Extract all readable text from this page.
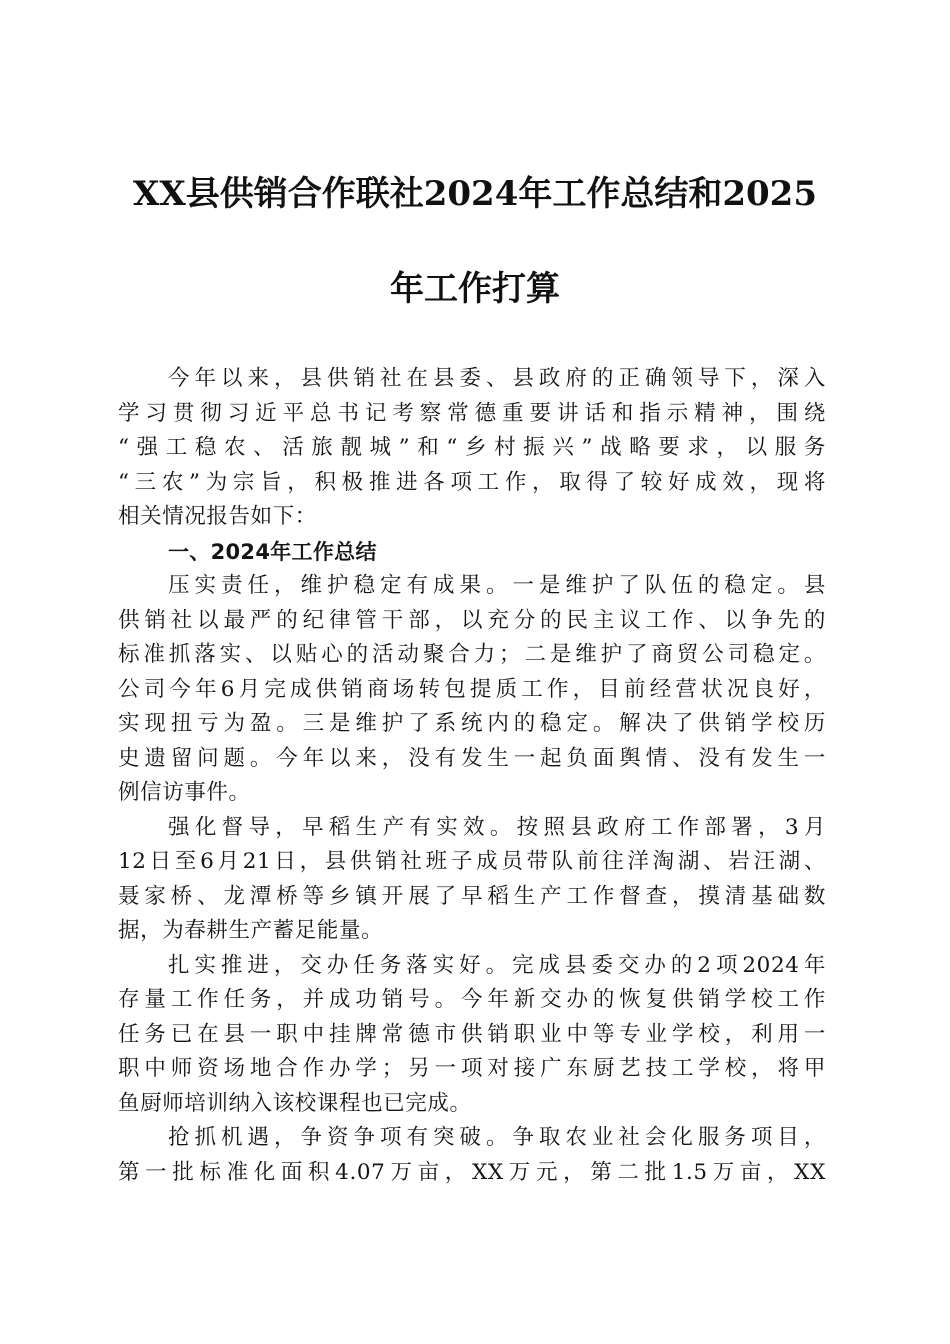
XX县供销合作联社2024年工作总结和2025
年工作打算
今年以来，县供销社在县委、县政府的正确领导下，深入
学习贯彻习近平总书记考察常德重要讲话和指示精神，围绕
“强工稳农、活旅靓城”和“乡村振兴”战略要求，以服务
“三农”为宗旨，积极推进各项工作，取得了较好成效，现将
相关情况报告如下：
一、2024年工作总结
压实责任，维护稳定有成果。一是维护了队伍的稳定。县
供销社以最严的纪律管干部，以充分的民主议工作、以争先的
标准抓落实、以贴心的活动聚合力；二是维护了商贸公司稳定。
公司今年6月完成供销商场转包提质工作，目前经营状况良好，
实现扭亏为盈。三是维护了系统内的稳定。解决了供销学校历
史遗留问题。今年以来，没有发生一起负面舆情、没有发生一
例信访事件。
强化督导，早稻生产有实效。按照县政府工作部署，3月
12日至6月21日，县供销社班子成员带队前往洋淘湖、岩汪湖、
聂家桥、龙潭桥等乡镇开展了早稻生产工作督查，摸清基础数
据，为春耕生产蓄足能量。
扎实推进，交办任务落实好。完成县委交办的2项2024年
存量工作任务，并成功销号。今年新交办的恢复供销学校工作
任务已在县一职中挂牌常德市供销职业中等专业学校，利用一
职中师资场地合作办学；另一项对接广东厨艺技工学校，将甲
鱼厨师培训纳入该校课程也已完成。
抢抓机遇，争资争项有突破。争取农业社会化服务项目，
第一批标准化面积4.07万亩，XX万元，第二批1.5万亩，XX
